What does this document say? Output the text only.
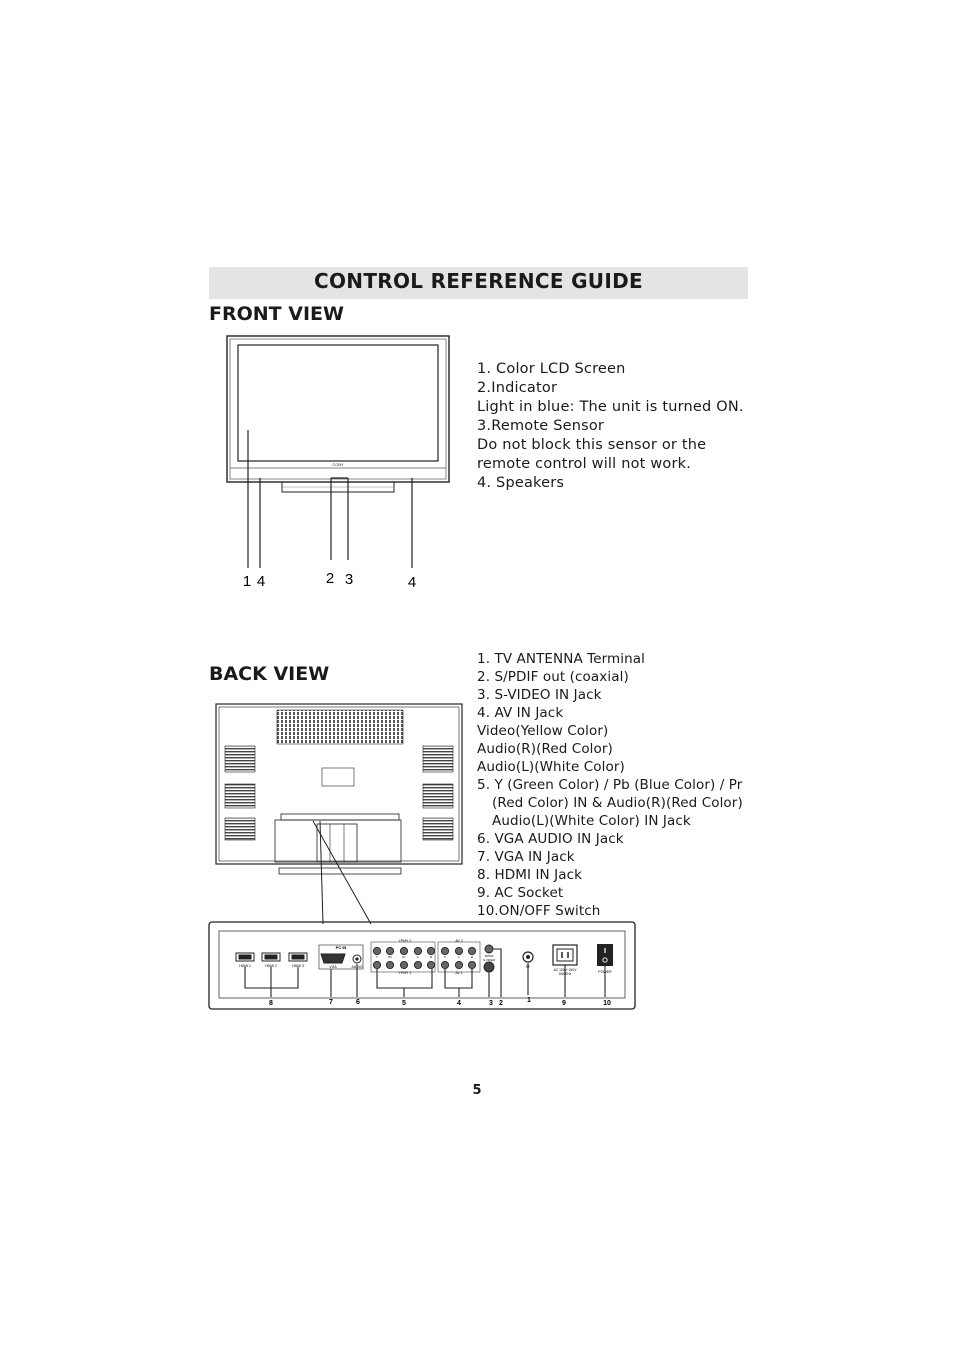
CONTROL REFERENCE GUIDE
FRONT VIEW
COBY
1 4	2 3	4
1. Color LCD Screen
2.Indicator
Light in blue: The unit is turned ON.
3.Remote Sensor
Do not block this sensor or the
remote control will not work.
4. Speakers
BACK VIEW
1. TV ANTENNA Terminal
2. S/PDIF out (coaxial)
3. S-VIDEO IN Jack
4. AV IN Jack
Video(Yellow Color)
Audio(R)(Red Color)
Audio(L)(White Color)
5. Y (Green Color) / Pb (Blue Color) / Pr
(Red Color) IN & Audio(R)(Red Color)
Audio(L)(White Color) IN Jack
6. VGA AUDIO IN Jack
7. VGA IN Jack
8. HDMI IN Jack
9. AC Socket
10.ON/OFF Switch
HDMI 1	HDMI 2	HDMI 3
PC IN
VGA	AUDIO
YPbPr 2	AV 2
Y	Pb	Pr	L	R	V	L	R
YPbPr 1	AV 1
SPDIF
S-VIDEO
RF
AC 100V~240V
50/60Hz	POWER
8	7	6	5	4	3 2	1	9	10
5
